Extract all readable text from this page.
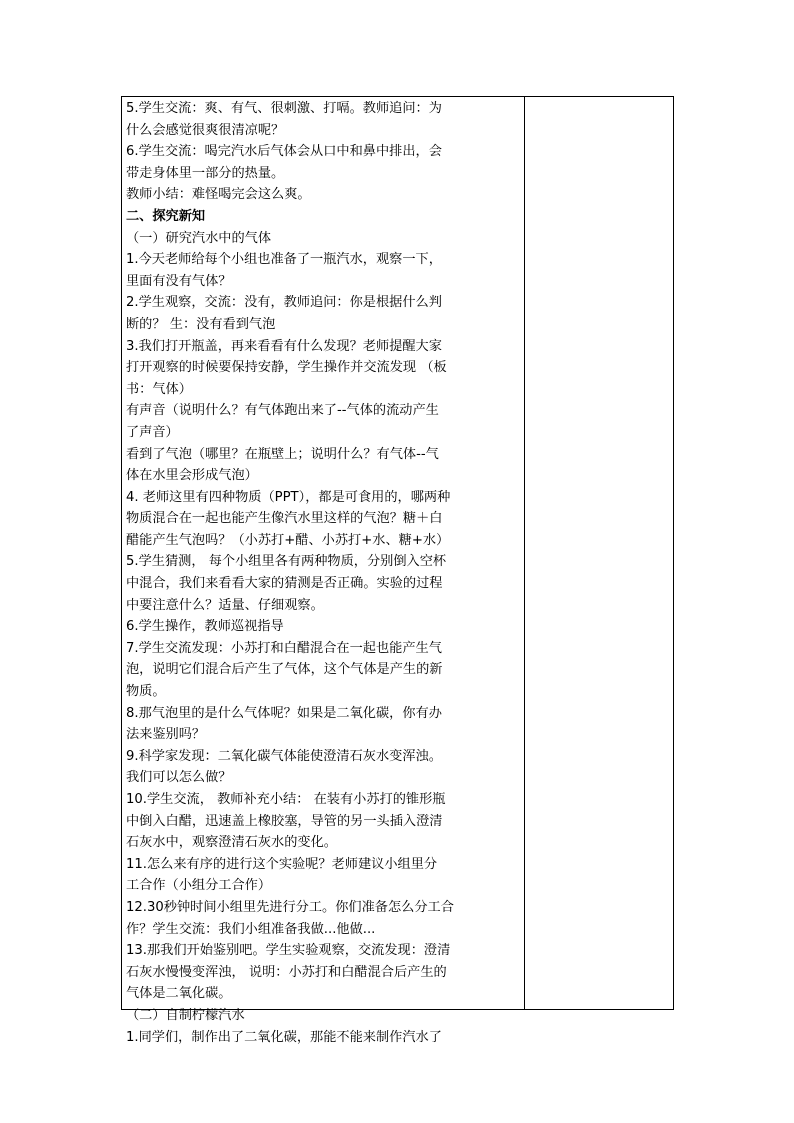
5.学生交流：爽、有气、很刺激、打嗝。教师追问：为
什么会感觉很爽很清凉呢？
6.学生交流：喝完汽水后气体会从口中和鼻中排出，会
带走身体里一部分的热量。
教师小结：难怪喝完会这么爽。
二、探究新知
（一）研究汽水中的气体
1.今天老师给每个小组也准备了一瓶汽水，观察一下，
里面有没有气体？
2.学生观察，交流：没有，教师追问：你是根据什么判
断的？ 生：没有看到气泡
3.我们打开瓶盖，再来看看有什么发现？老师提醒大家
打开观察的时候要保持安静，学生操作并交流发现 （板
书：气体）
有声音（说明什么？有气体跑出来了--气体的流动产生
了声音）
看到了气泡（哪里？在瓶壁上；说明什么？有气体--气
体在水里会形成气泡）
4. 老师这里有四种物质（PPT），都是可食用的，哪两种
物质混合在一起也能产生像汽水里这样的气泡？糖＋白
醋能产生气泡吗？（小苏打+醋、小苏打+水、糖+水）
5.学生猜测， 每个小组里各有两种物质，分别倒入空杯
中混合，我们来看看大家的猜测是否正确。实验的过程
中要注意什么？适量、仔细观察。
6.学生操作，教师巡视指导
7.学生交流发现：小苏打和白醋混合在一起也能产生气
泡，说明它们混合后产生了气体，这个气体是产生的新
物质。
8.那气泡里的是什么气体呢？如果是二氧化碳，你有办
法来鉴别吗？
9.科学家发现：二氧化碳气体能使澄清石灰水变浑浊。
我们可以怎么做？
10.学生交流， 教师补充小结： 在装有小苏打的锥形瓶
中倒入白醋，迅速盖上橡胶塞，导管的另一头插入澄清
石灰水中，观察澄清石灰水的变化。
11.怎么来有序的进行这个实验呢？老师建议小组里分
工合作（小组分工合作）
12.30秒钟时间小组里先进行分工。你们准备怎么分工合
作？学生交流：我们小组准备我做...他做...
13.那我们开始鉴别吧。学生实验观察，交流发现：澄清
石灰水慢慢变浑浊， 说明：小苏打和白醋混合后产生的
气体是二氧化碳。
（二）自制柠檬汽水
1.同学们，制作出了二氧化碳，那能不能来制作汽水了
